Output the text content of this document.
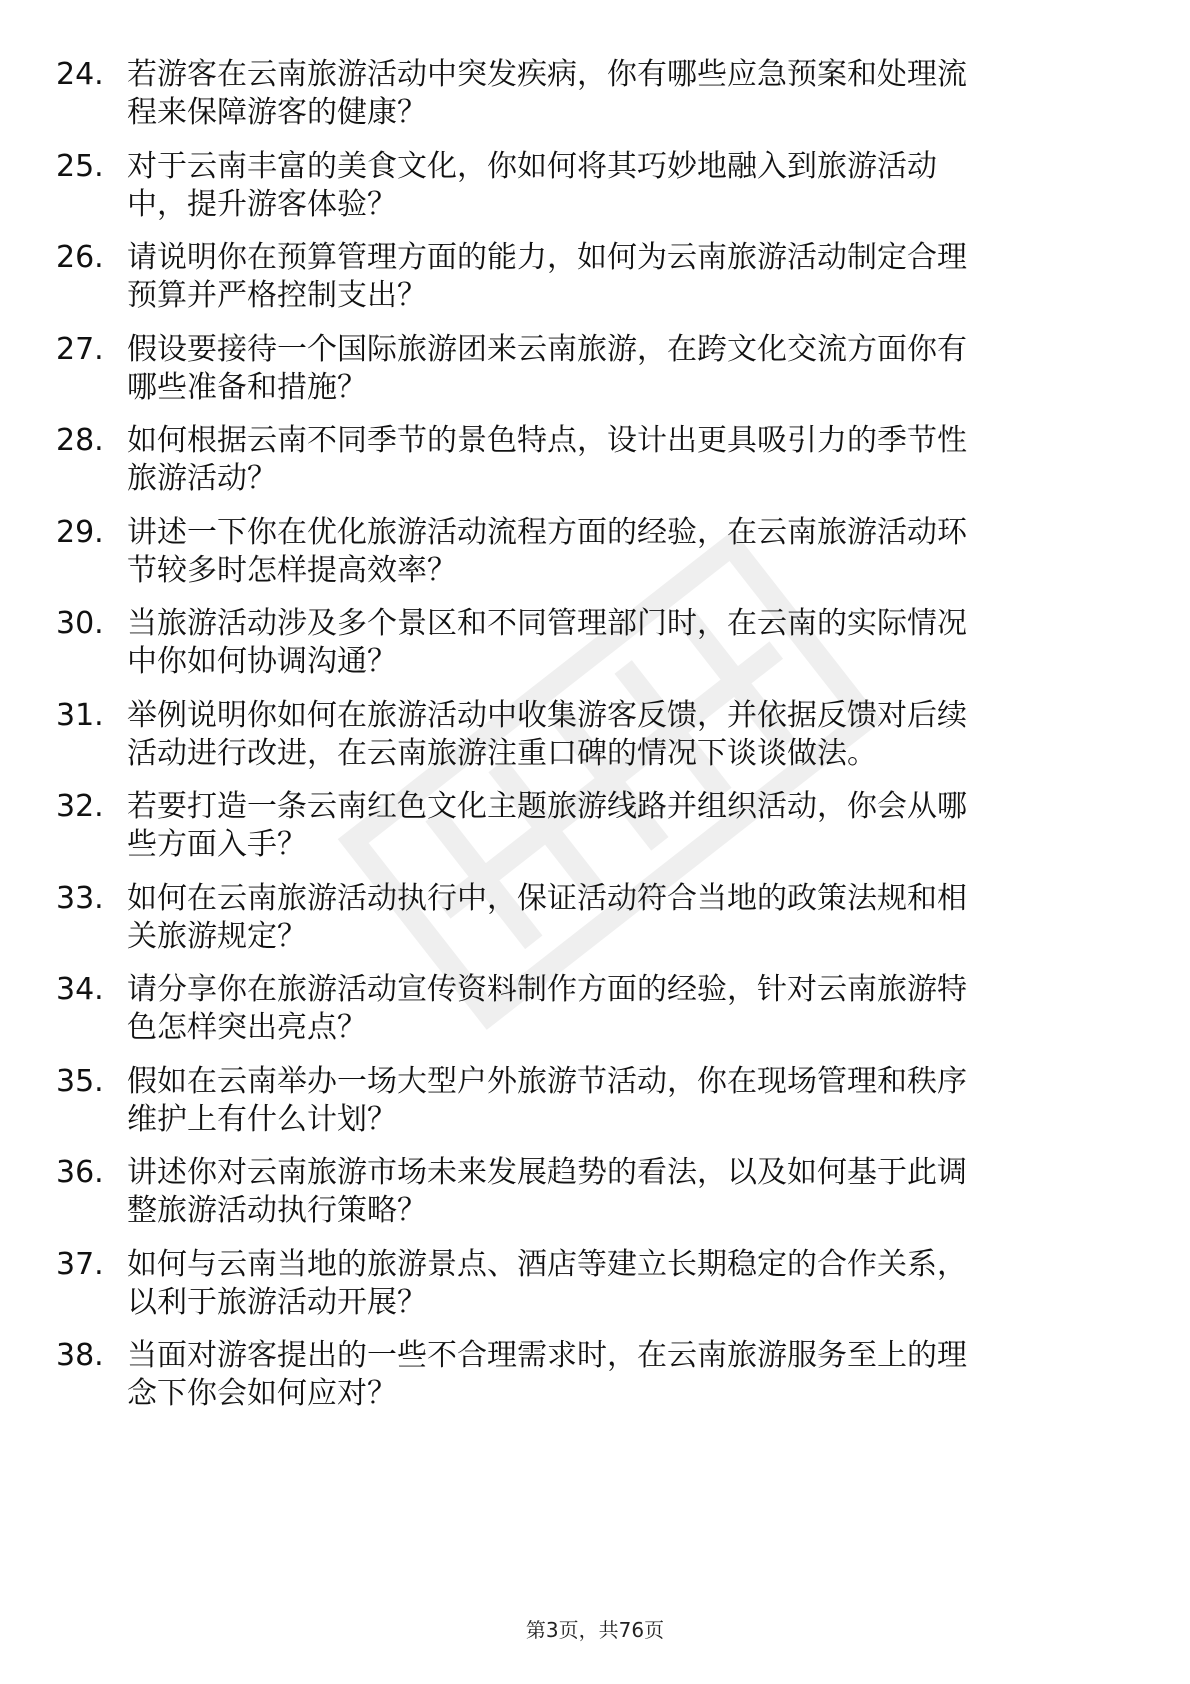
24. 若游客在云南旅游活动中突发疾病，你有哪些应急预案和处理流
程来保障游客的健康？
25. 对于云南丰富的美食文化，你如何将其巧妙地融入到旅游活动
中，提升游客体验？
26. 请说明你在预算管理方面的能力，如何为云南旅游活动制定合理
预算并严格控制支出？
27. 假设要接待一个国际旅游团来云南旅游，在跨文化交流方面你有
哪些准备和措施？
28. 如何根据云南不同季节的景色特点，设计出更具吸引力的季节性
旅游活动？
29. 讲述一下你在优化旅游活动流程方面的经验，在云南旅游活动环
节较多时怎样提高效率？
30. 当旅游活动涉及多个景区和不同管理部门时，在云南的实际情况
中你如何协调沟通？
31. 举例说明你如何在旅游活动中收集游客反馈，并依据反馈对后续
活动进行改进，在云南旅游注重口碑的情况下谈谈做法。
32. 若要打造一条云南红色文化主题旅游线路并组织活动，你会从哪
些方面入手？
33. 如何在云南旅游活动执行中，保证活动符合当地的政策法规和相
关旅游规定？
34. 请分享你在旅游活动宣传资料制作方面的经验，针对云南旅游特
色怎样突出亮点？
35. 假如在云南举办一场大型户外旅游节活动，你在现场管理和秩序
维护上有什么计划？
36. 讲述你对云南旅游市场未来发展趋势的看法，以及如何基于此调
整旅游活动执行策略？
37. 如何与云南当地的旅游景点、酒店等建立长期稳定的合作关系，
以利于旅游活动开展？
38. 当面对游客提出的一些不合理需求时，在云南旅游服务至上的理
念下你会如何应对？
第3页，共76页
